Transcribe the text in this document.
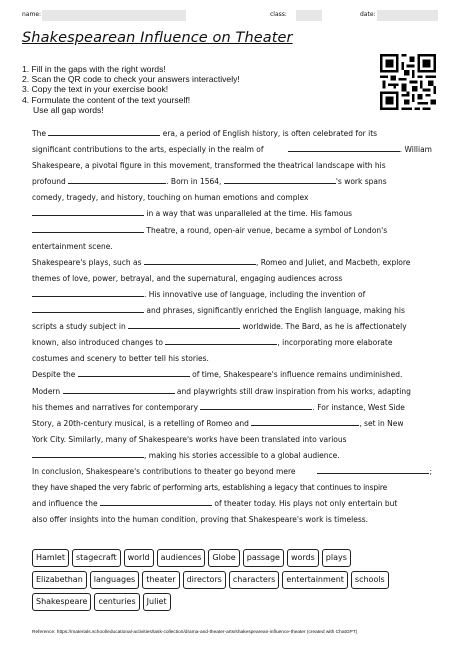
name:	class:	date:
Shakespearean Influence on Theater
1. Fill in the gaps with the right words!
2. Scan the QR code to check your answers interactively!
3. Copy the text in your exercise book!
4. Formulate the content of the text yourself!
Use all gap words!
The	era, a period of English history, is often celebrated for its
significant contributions to the arts, especially in the realm of	. William
Shakespeare, a pivotal figure in this movement, transformed the theatrical landscape with his
profound	. Born in 1564,	's work spans
comedy, tragedy, and history, touching on human emotions and complex
in a way that was unparalleled at the time. His famous
Theatre, a round, open-air venue, became a symbol of London's
entertainment scene.
Shakespeare's plays, such as	, Romeo and Juliet, and Macbeth, explore
themes of love, power, betrayal, and the supernatural, engaging audiences across
. His innovative use of language, including the invention of
and phrases, significantly enriched the English language, making his
scripts a study subject in	worldwide. The Bard, as he is affectionately
known, also introduced changes to	, incorporating more elaborate
costumes and scenery to better tell his stories.
Despite the	of time, Shakespeare's influence remains undiminished.
Modern	and playwrights still draw inspiration from his works, adapting
his themes and narratives for contemporary	. For instance, West Side
Story, a 20th-century musical, is a retelling of Romeo and	, set in New
York City. Similarly, many of Shakespeare's works have been translated into various
, making his stories accessible to a global audience.
In conclusion, Shakespeare's contributions to theater go beyond mere	;
they have shaped the very fabric of performing arts, establishing a legacy that continues to inspire
and influence the	of theater today. His plays not only entertain but
also offer insights into the human condition, proving that Shakespeare's work is timeless.
Hamlet	stagecraft	world	audiences	Globe	passage	words	plays
Elizabethan	languages	theater	directors	characters	entertainment	schools
Shakespeare	centuries	Juliet
Reference: https://materials.school/educational-activities/task-collection/drama-and-theater-arts/shakespearean-influence-theater (created with ChatGPT)
